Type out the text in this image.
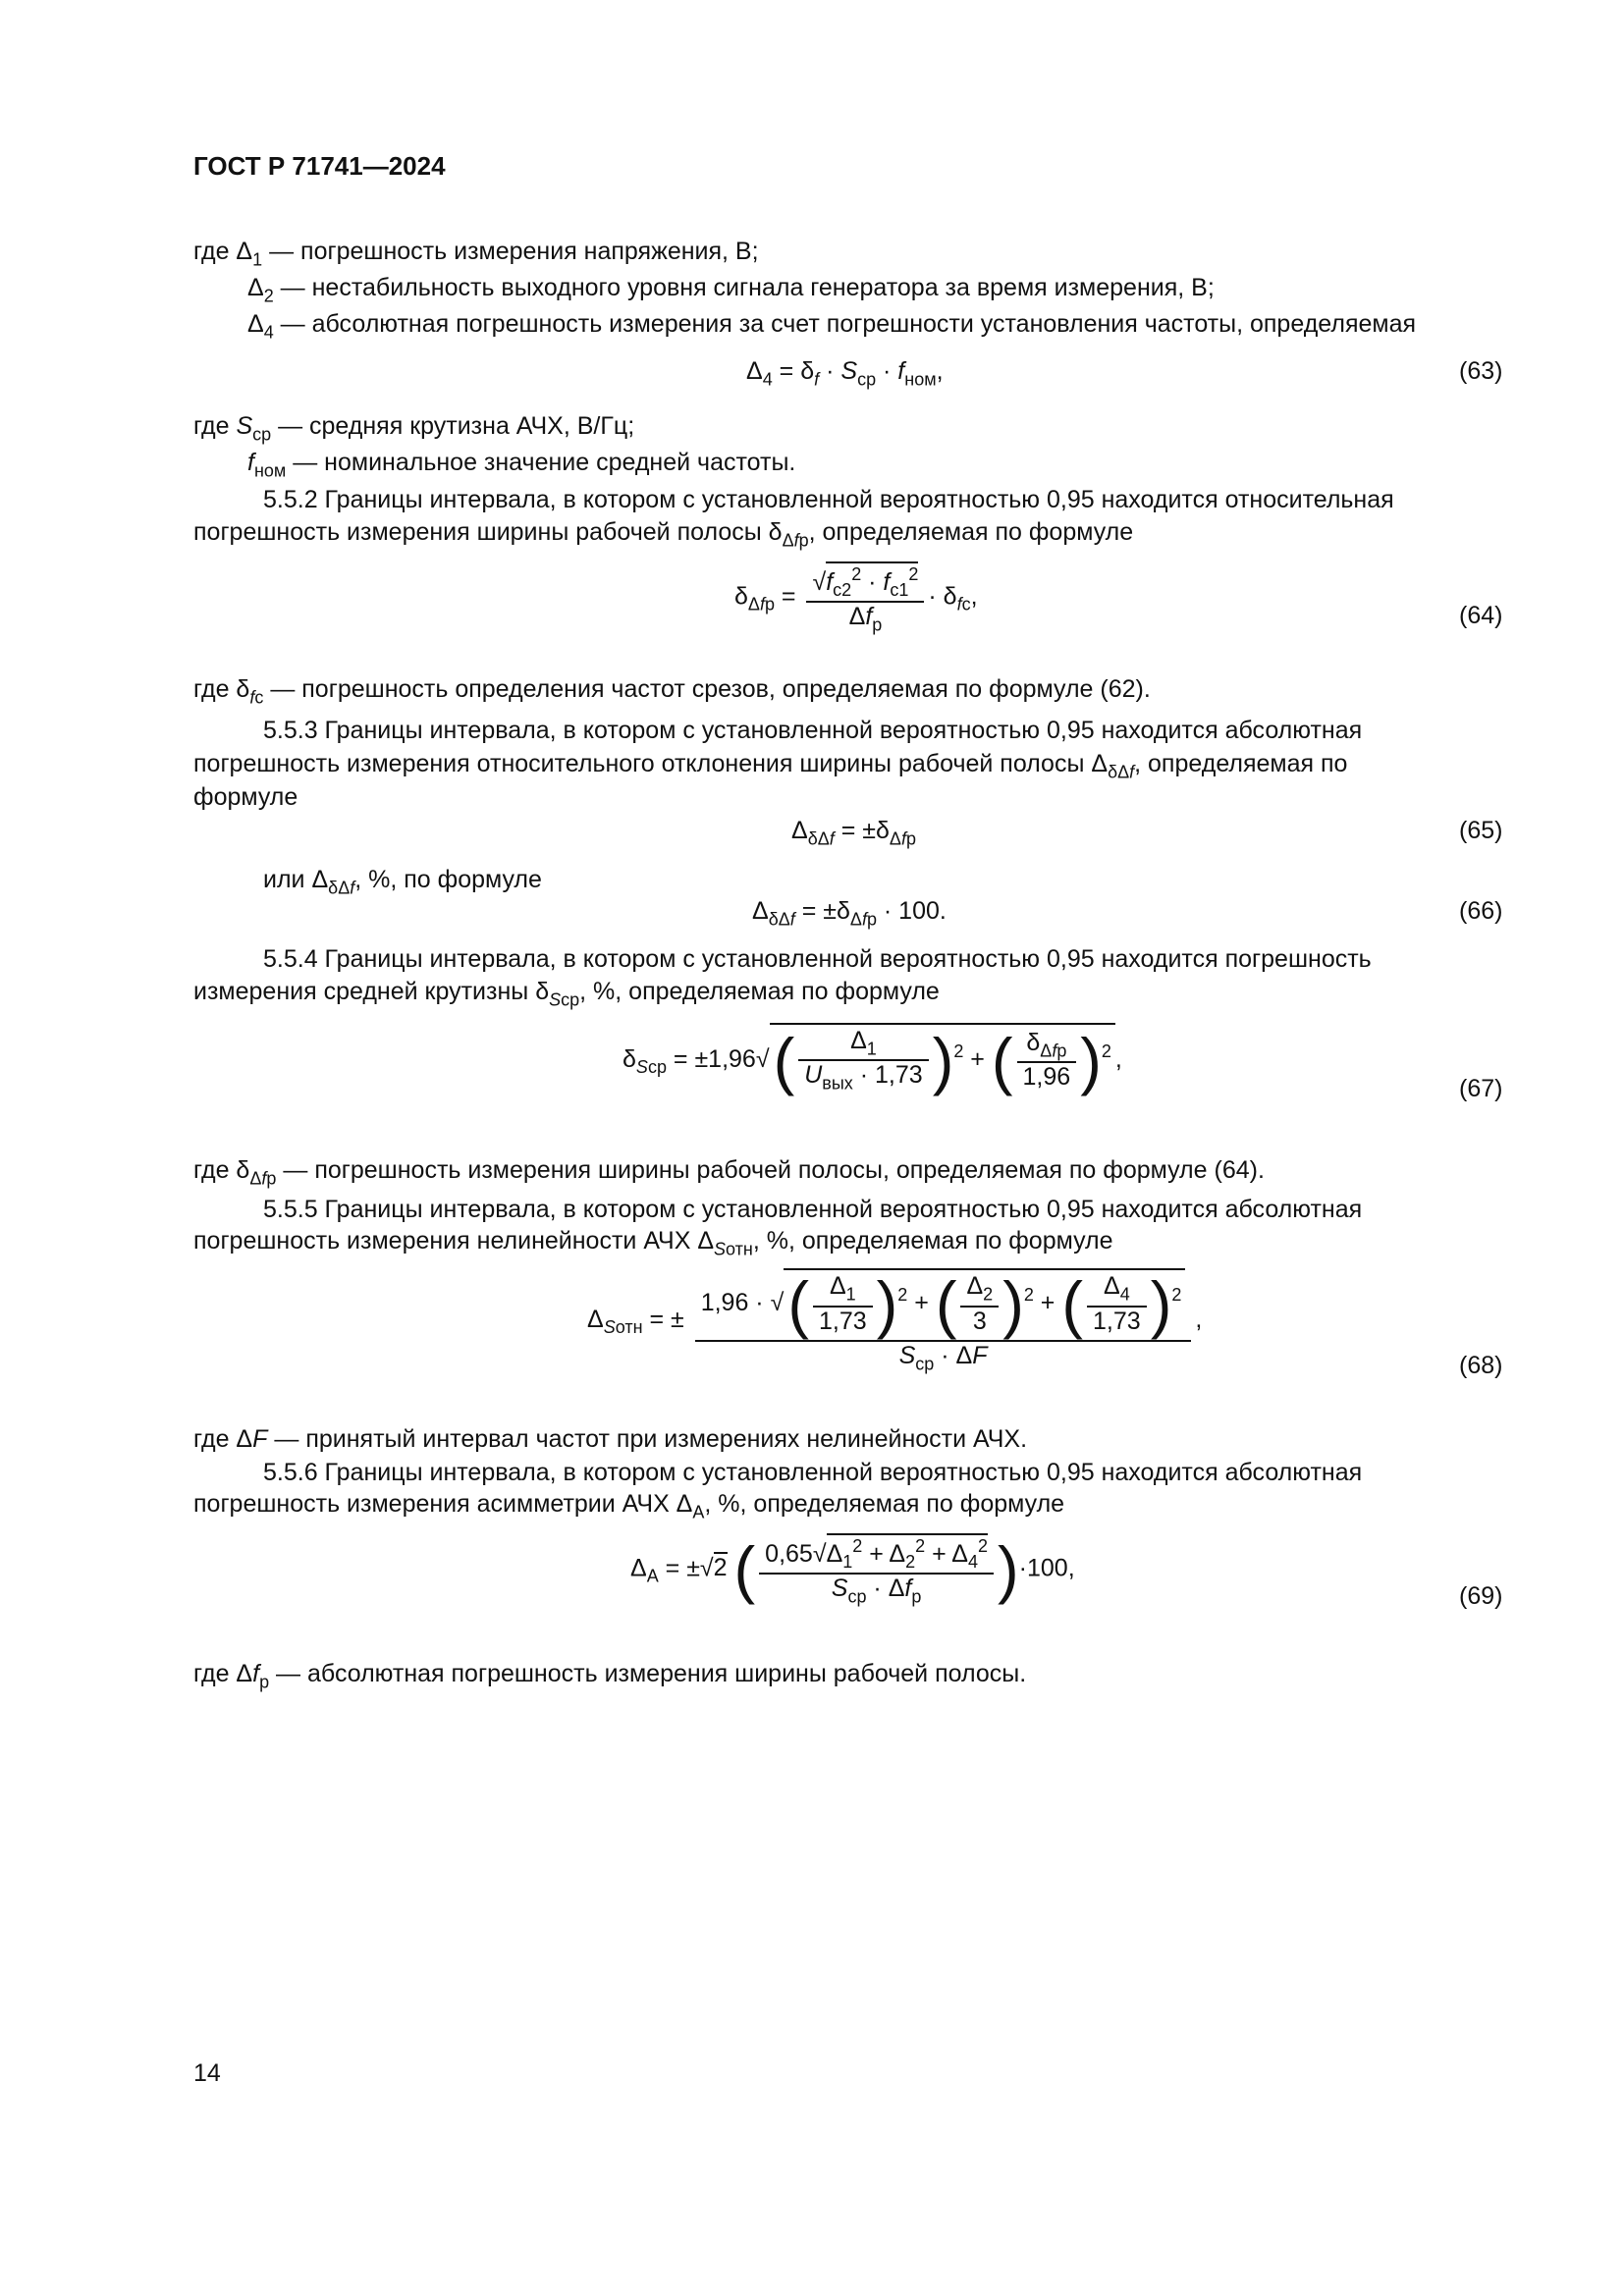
ГОСТ Р 71741—2024
где $\Delta_1$ — погрешность измерения напряжения, В;
$\Delta_2$ — нестабильность выходного уровня сигнала генератора за время измерения, В;
$\Delta_4$ — абсолютная погрешность измерения за счет погрешности установления частоты, определяемая
$\Delta_4 = \delta_f \cdot S_{ср} \cdot f_{ном}$,	(63)
где $S_{ср}$ — средняя крутизна АЧХ, В/Гц;
$f_{ном}$ — номинальное значение средней частоты.
5.5.2 Границы интервала, в котором с установленной вероятностью 0,95 находится относительная
погрешность измерения ширины рабочей полосы $\delta_{\Delta fр}$, определяемая по формуле
$\delta_{\Delta fр} = \frac{√f_{с2}^2 \cdot f_{с1}^2}{\Delta f_р} \cdot \delta_{fс}$,
(64)
где $\delta_{fс}$ — погрешность определения частот срезов, определяемая по формуле (62).
5.5.3 Границы интервала, в котором с установленной вероятностью 0,95 находится абсолютная
погрешность измерения относительного отклонения ширины рабочей полосы $\Delta_{\delta\Delta f}$, определяемая по
формуле
$\Delta_{\delta\Delta f} = \pm\delta_{\Delta fр}$	(65)
или $\Delta_{\delta\Delta f}$, %, по формуле
$\Delta_{\delta\Delta f} = \pm\delta_{\Delta fр} \cdot 100$.	(66)
5.5.4 Границы интервала, в котором с установленной вероятностью 0,95 находится погрешность
измерения средней крутизны $\delta_{Sср}$, %, определяемая по формуле
$\delta_{Sср} = \pm 1,96√( \frac{\Delta_1}{U_{вых} \cdot 1,73} )^2$ + ( $\frac{\delta_{\Delta fр}}{1,96} )^2$ ,
(67)
где $\delta_{\Delta fр}$ — погрешность измерения ширины рабочей полосы, определяемая по формуле (64).
5.5.5 Границы интервала, в котором с установленной вероятностью 0,95 находится абсолютная
погрешность измерения нелинейности АЧХ $\Delta_{Sотн}$, %, определяемая по формуле
$\Delta_{Sотн}$ = ±
1,96 · √( $\frac{\Delta_1}{1,73} )^2$ + ( $\frac{\Delta_2}{3} )^2$ + ( $\frac{\Delta_4}{1,73} )^2$
$S_{ср} \cdot \Delta F$
,
(68)
где ΔF — принятый интервал частот при измерениях нелинейности АЧХ.
5.5.6 Границы интервала, в котором с установленной вероятностью 0,95 находится абсолютная
погрешность измерения асимметрии АЧХ $\Delta_А$, %, определяемая по формуле
$\Delta_А = \pm√2$ ( $\frac{0,65√\Delta_1^2 + \Delta_2^2 + \Delta_4^2}{S_{ср} \cdot \Delta f_р} )\cdot 100$,
(69)
где $\Delta f_р$ — абсолютная погрешность измерения ширины рабочей полосы.
14
